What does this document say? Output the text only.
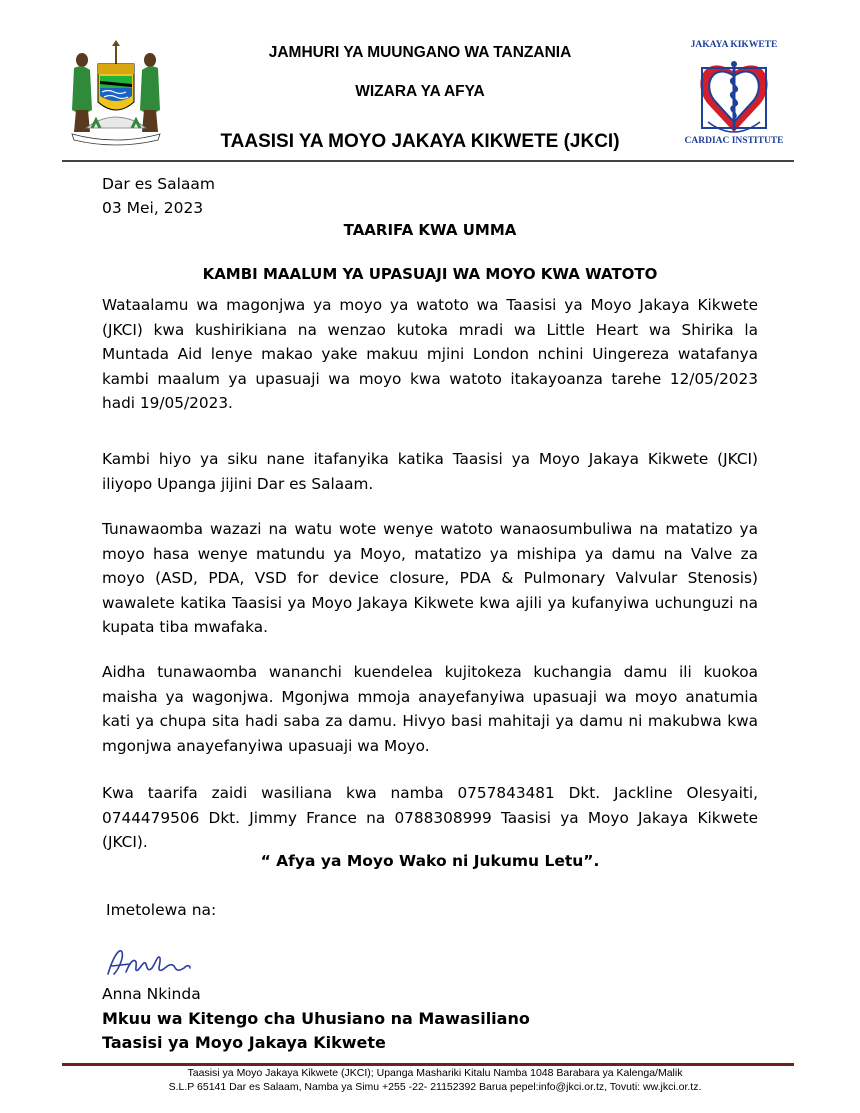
JAMHURI YA MUUNGANO WA TANZANIA
WIZARA YA AFYA
TAASISI YA MOYO JAKAYA KIKWETE (JKCI)
JAKAYA KIKWETE
CARDIAC INSTITUTE
Dar es Salaam
03 Mei, 2023
TAARIFA KWA UMMA
KAMBI MAALUM YA UPASUAJI WA MOYO KWA WATOTO
Wataalamu wa magonjwa ya moyo ya watoto wa Taasisi ya Moyo Jakaya Kikwete (JKCI) kwa kushirikiana na wenzao kutoka mradi wa Little Heart wa Shirika la Muntada Aid lenye makao yake makuu mjini London nchini Uingereza watafanya kambi maalum ya upasuaji wa moyo kwa watoto itakayoanza tarehe 12/05/2023 hadi 19/05/2023.
Kambi hiyo ya siku nane itafanyika katika Taasisi ya Moyo Jakaya Kikwete (JKCI) iliyopo Upanga jijini Dar es Salaam.
Tunawaomba wazazi na watu wote wenye watoto wanaosumbuliwa na matatizo ya moyo hasa wenye matundu ya Moyo, matatizo ya mishipa ya damu na Valve za moyo (ASD, PDA, VSD for device closure, PDA & Pulmonary Valvular Stenosis) wawalete katika Taasisi ya Moyo Jakaya Kikwete kwa ajili ya kufanyiwa uchunguzi na kupata tiba mwafaka.
Aidha tunawaomba wananchi kuendelea kujitokeza kuchangia damu ili kuokoa maisha ya wagonjwa. Mgonjwa mmoja anayefanyiwa upasuaji wa moyo anatumia kati ya chupa sita hadi saba za damu. Hivyo basi mahitaji ya damu ni makubwa kwa mgonjwa anayefanyiwa upasuaji wa Moyo.
Kwa taarifa zaidi wasiliana kwa namba 0757843481 Dkt. Jackline Olesyaiti, 0744479506 Dkt. Jimmy France na 0788308999 Taasisi ya Moyo Jakaya Kikwete (JKCI).
“ Afya ya Moyo Wako ni Jukumu Letu”.
Imetolewa na:
Anna Nkinda
Mkuu wa Kitengo cha Uhusiano na Mawasiliano
Taasisi ya Moyo Jakaya Kikwete
Taasisi ya Moyo Jakaya Kikwete (JKCI); Upanga Mashariki Kitalu Namba 1048 Barabara ya Kalenga/Malik
S.L.P 65141 Dar es Salaam, Namba ya Simu +255 -22- 21152392 Barua pepel:info@jkci.or.tz, Tovuti: ww.jkci.or.tz.
